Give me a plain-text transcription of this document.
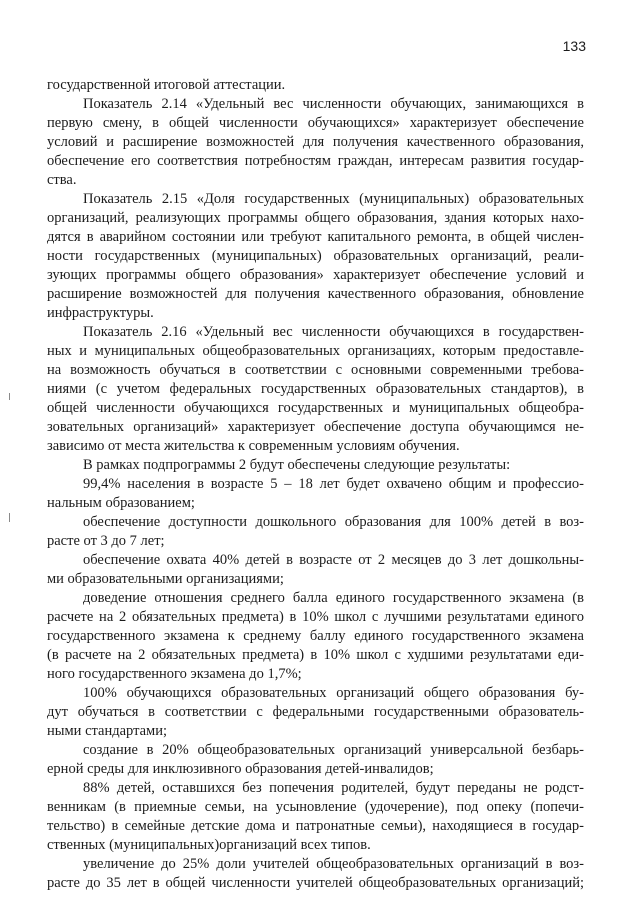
133
государственной итоговой аттестации.
Показатель 2.14 «Удельный вес численности обучающих, занимающихся в
первую смену, в общей численности обучающихся» характеризует обеспечение
условий и расширение возможностей для получения качественного образования,
обеспечение его соответствия потребностям граждан, интересам развития государ-
ства.
Показатель 2.15 «Доля государственных (муниципальных) образовательных
организаций, реализующих программы общего образования, здания которых нахо-
дятся в аварийном состоянии или требуют капитального ремонта, в общей числен-
ности государственных (муниципальных) образовательных организаций, реали-
зующих программы общего образования» характеризует обеспечение условий и
расширение возможностей для получения качественного образования, обновление
инфраструктуры.
Показатель 2.16 «Удельный вес численности обучающихся в государствен-
ных и муниципальных общеобразовательных организациях, которым предоставле-
на возможность обучаться в соответствии с основными современными требова-
ниями (с учетом федеральных государственных образовательных стандартов), в
общей численности обучающихся государственных и муниципальных общеобра-
зовательных организаций» характеризует обеспечение доступа обучающимся не-
зависимо от места жительства к современным условиям обучения.
В рамках подпрограммы 2 будут обеспечены следующие результаты:
99,4% населения в возрасте 5 – 18 лет будет охвачено общим и профессио-
нальным образованием;
обеспечение доступности дошкольного образования для 100% детей в воз-
расте от 3 до 7 лет;
обеспечение охвата 40% детей в возрасте от 2 месяцев до 3 лет дошкольны-
ми образовательными организациями;
доведение отношения среднего балла единого государственного экзамена (в
расчете на 2 обязательных предмета) в 10% школ с лучшими результатами единого
государственного экзамена к среднему баллу единого государственного экзамена
(в расчете на 2 обязательных предмета) в 10% школ с худшими результатами еди-
ного государственного экзамена до 1,7%;
100% обучающихся образовательных организаций общего образования бу-
дут обучаться в соответствии с федеральными государственными образователь-
ными стандартами;
создание в 20% общеобразовательных организаций универсальной безбарь-
ерной среды для инклюзивного образования детей-инвалидов;
88% детей, оставшихся без попечения родителей, будут переданы не родст-
венникам (в приемные семьи, на усыновление (удочерение), под опеку (попечи-
тельство) в семейные детские дома и патронатные семьи), находящиеся в государ-
ственных (муниципальных)организаций всех типов.
увеличение до 25% доли учителей общеобразовательных организаций в воз-
расте до 35 лет в общей численности учителей общеобразовательных организаций;
